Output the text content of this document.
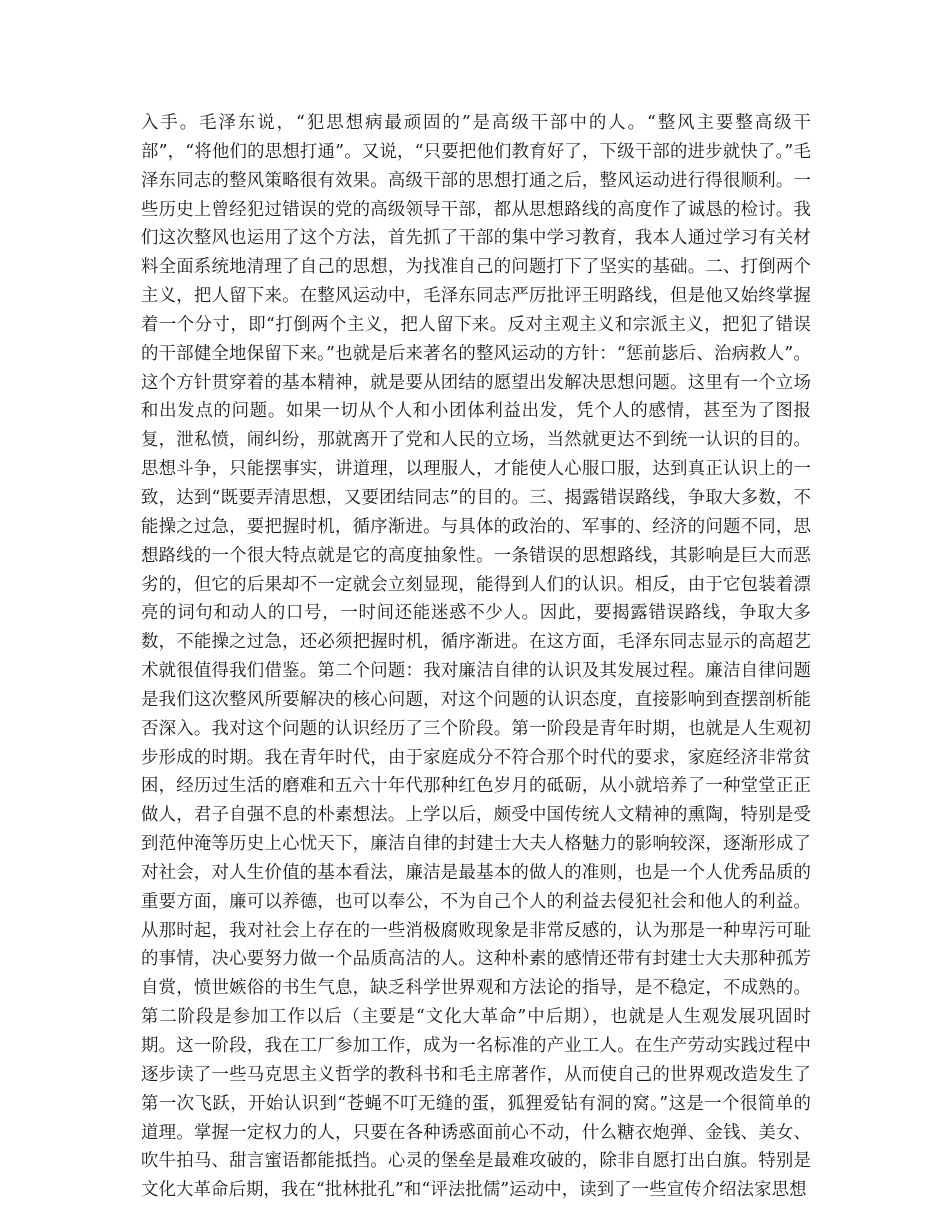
入手。毛泽东说，“犯思想病最顽固的”是高级干部中的人。“整风主要整高级干部”，“将他们的思想打通”。又说，“只要把他们教育好了，下级干部的进步就快了。”毛泽东同志的整风策略很有效果。高级干部的思想打通之后，整风运动进行得很顺利。一些历史上曾经犯过错误的党的高级领导干部，都从思想路线的高度作了诚恳的检讨。我们这次整风也运用了这个方法，首先抓了干部的集中学习教育，我本人通过学习有关材料全面系统地清理了自己的思想，为找准自己的问题打下了坚实的基础。二、打倒两个主义，把人留下来。在整风运动中，毛泽东同志严厉批评王明路线，但是他又始终掌握着一个分寸，即“打倒两个主义，把人留下来。反对主观主义和宗派主义，把犯了错误的干部健全地保留下来。”也就是后来著名的整风运动的方针：“惩前毖后、治病救人”。这个方针贯穿着的基本精神，就是要从团结的愿望出发解决思想问题。这里有一个立场和出发点的问题。如果一切从个人和小团体利益出发，凭个人的感情，甚至为了图报复，泄私愤，闹纠纷，那就离开了党和人民的立场，当然就更达不到统一认识的目的。思想斗争，只能摆事实，讲道理，以理服人，才能使人心服口服，达到真正认识上的一致，达到“既要弄清思想，又要团结同志”的目的。三、揭露错误路线，争取大多数，不能操之过急，要把握时机，循序渐进。与具体的政治的、军事的、经济的问题不同，思想路线的一个很大特点就是它的高度抽象性。一条错误的思想路线，其影响是巨大而恶劣的，但它的后果却不一定就会立刻显现，能得到人们的认识。相反，由于它包装着漂亮的词句和动人的口号，一时间还能迷惑不少人。因此，要揭露错误路线，争取大多数，不能操之过急，还必须把握时机，循序渐进。在这方面，毛泽东同志显示的高超艺术就很值得我们借鉴。第二个问题：我对廉洁自律的认识及其发展过程。廉洁自律问题是我们这次整风所要解决的核心问题，对这个问题的认识态度，直接影响到查摆剖析能否深入。我对这个问题的认识经历了三个阶段。第一阶段是青年时期，也就是人生观初步形成的时期。我在青年时代，由于家庭成分不符合那个时代的要求，家庭经济非常贫困，经历过生活的磨难和五六十年代那种红色岁月的砥砺，从小就培养了一种堂堂正正做人，君子自强不息的朴素想法。上学以后，颇受中国传统人文精神的熏陶，特别是受到范仲淹等历史上心忧天下，廉洁自律的封建士大夫人格魅力的影响较深，逐渐形成了对社会，对人生价值的基本看法，廉洁是最基本的做人的准则，也是一个人优秀品质的重要方面，廉可以养德，也可以奉公，不为自己个人的利益去侵犯社会和他人的利益。从那时起，我对社会上存在的一些消极腐败现象是非常反感的，认为那是一种卑污可耻的事情，决心要努力做一个品质高洁的人。这种朴素的感情还带有封建士大夫那种孤芳自赏，愤世嫉俗的书生气息，缺乏科学世界观和方法论的指导，是不稳定，不成熟的。第二阶段是参加工作以后（主要是“文化大革命”中后期），也就是人生观发展巩固时期。这一阶段，我在工厂参加工作，成为一名标准的产业工人。在生产劳动实践过程中逐步读了一些马克思主义哲学的教科书和毛主席著作，从而使自己的世界观改造发生了第一次飞跃，开始认识到“苍蝇不叮无缝的蛋，狐狸爱钻有洞的窝。”这是一个很简单的道理。掌握一定权力的人，只要在各种诱惑面前心不动，什么糖衣炮弹、金钱、美女、吹牛拍马、甜言蜜语都能抵挡。心灵的堡垒是最难攻破的，除非自愿打出白旗。特别是文化大革命后期，我在“批林批孔”和“评法批儒”运动中，读到了一些宣传介绍法家思想
